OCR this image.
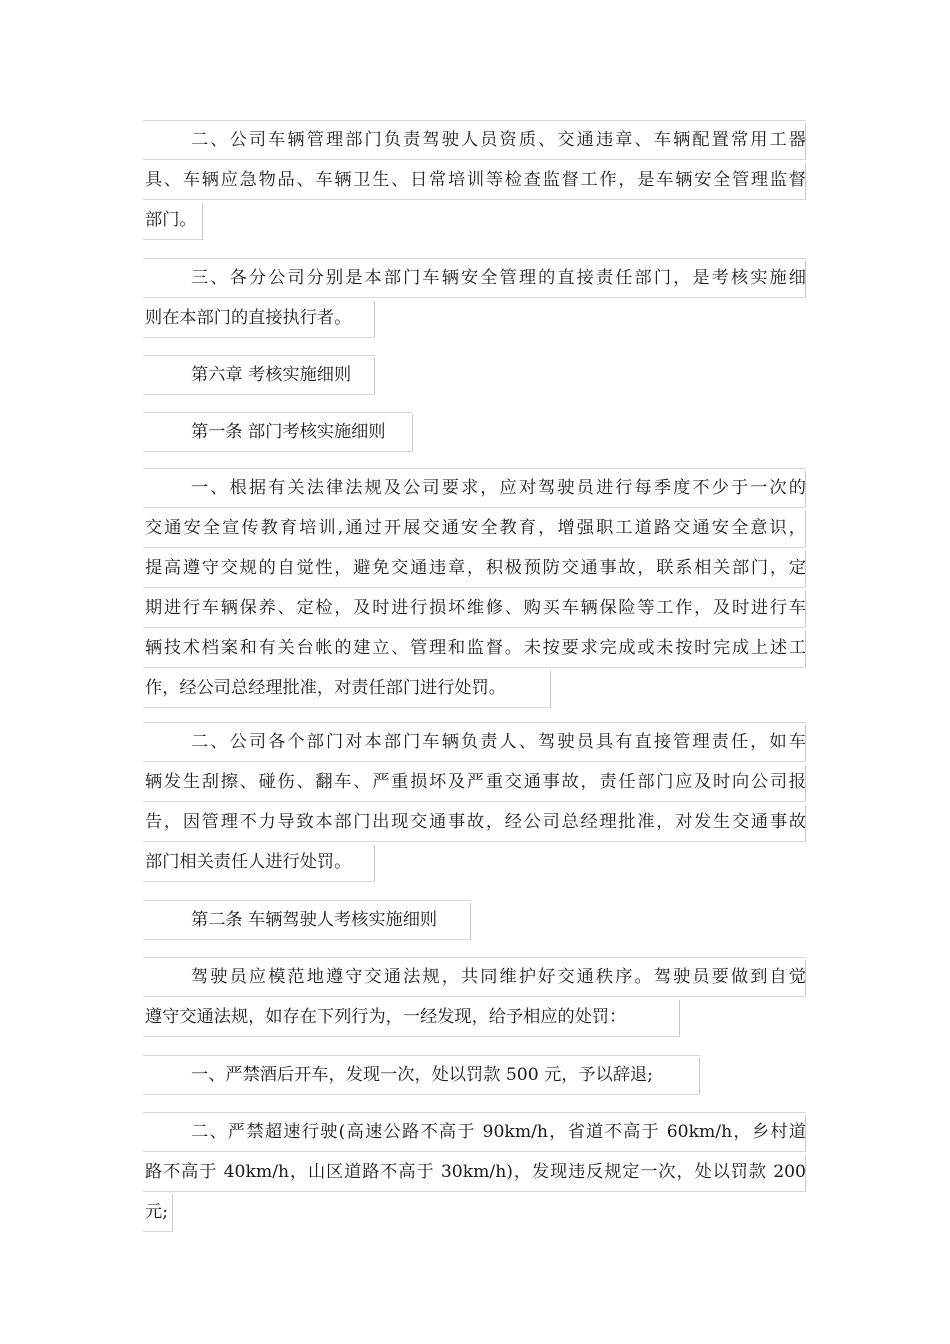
二、公司车辆管理部门负责驾驶人员资质、交通违章、车辆配置常用工器
具、车辆应急物品、车辆卫生、日常培训等检查监督工作，是车辆安全管理监督
部门。
三、各分公司分别是本部门车辆安全管理的直接责任部门，是考核实施细
则在本部门的直接执行者。
第六章 考核实施细则
第一条 部门考核实施细则
一、根据有关法律法规及公司要求，应对驾驶员进行每季度不少于一次的
交通安全宣传教育培训,通过开展交通安全教育，增强职工道路交通安全意识，
提高遵守交规的自觉性，避免交通违章，积极预防交通事故，联系相关部门，定
期进行车辆保养、定检，及时进行损坏维修、购买车辆保险等工作，及时进行车
辆技术档案和有关台帐的建立、管理和监督。未按要求完成或未按时完成上述工
作，经公司总经理批准，对责任部门进行处罚。
二、公司各个部门对本部门车辆负责人、驾驶员具有直接管理责任，如车
辆发生刮擦、碰伤、翻车、严重损坏及严重交通事故，责任部门应及时向公司报
告，因管理不力导致本部门出现交通事故，经公司总经理批准，对发生交通事故
部门相关责任人进行处罚。
第二条 车辆驾驶人考核实施细则
驾驶员应模范地遵守交通法规，共同维护好交通秩序。驾驶员要做到自觉
遵守交通法规，如存在下列行为，一经发现，给予相应的处罚：
一、严禁酒后开车，发现一次，处以罚款 500 元，予以辞退;
二、严禁超速行驶(高速公路不高于 90km/h，省道不高于 60km/h，乡村道
路不高于 40km/h，山区道路不高于 30km/h)，发现违反规定一次，处以罚款 200
元;
